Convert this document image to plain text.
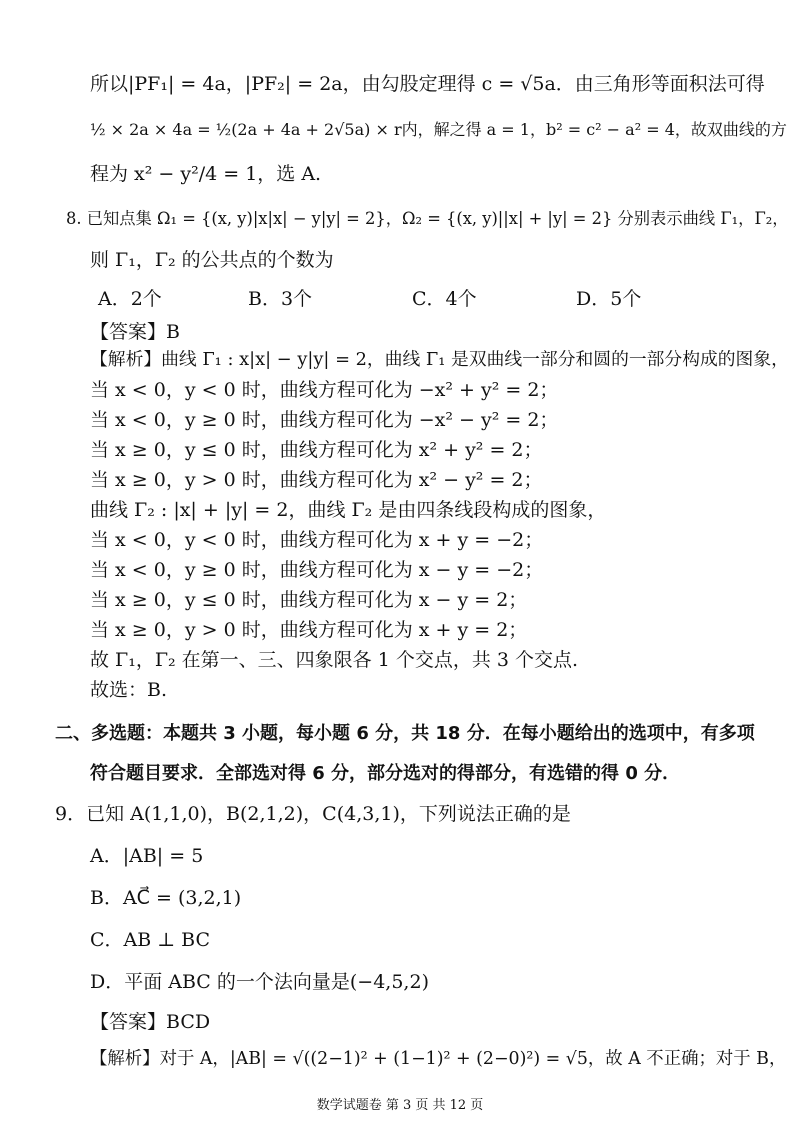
所以|PF₁| = 4a，|PF₂| = 2a，由勾股定理得 c = √5a．由三角形等面积法可得
½ × 2a × 4a = ½(2a + 4a + 2√5a) × r内，解之得 a = 1，b² = c² − a² = 4，故双曲线的方
程为 x² − y²/4 = 1，选 A.
8. 已知点集 Ω₁ = {(x, y)|x|x| − y|y| = 2}，Ω₂ = {(x, y)||x| + |y| = 2} 分别表示曲线 Γ₁，Γ₂，
则 Γ₁，Γ₂ 的公共点的个数为
A．2个	B．3个	C．4个	D．5个
【答案】B
【解析】曲线 Γ₁ : x|x| − y|y| = 2，曲线 Γ₁ 是双曲线一部分和圆的一部分构成的图象，
当 x < 0，y < 0 时，曲线方程可化为 −x² + y² = 2；
当 x < 0，y ≥ 0 时，曲线方程可化为 −x² − y² = 2；
当 x ≥ 0，y ≤ 0 时，曲线方程可化为 x² + y² = 2；
当 x ≥ 0，y > 0 时，曲线方程可化为 x² − y² = 2；
曲线 Γ₂ : |x| + |y| = 2，曲线 Γ₂ 是由四条线段构成的图象，
当 x < 0，y < 0 时，曲线方程可化为 x + y = −2；
当 x < 0，y ≥ 0 时，曲线方程可化为 x − y = −2；
当 x ≥ 0，y ≤ 0 时，曲线方程可化为 x − y = 2；
当 x ≥ 0，y > 0 时，曲线方程可化为 x + y = 2；
故 Γ₁，Γ₂ 在第一、三、四象限各 1 个交点，共 3 个交点.
故选：B.
二、多选题：本题共 3 小题，每小题 6 分，共 18 分．在每小题给出的选项中，有多项
符合题目要求．全部选对得 6 分，部分选对的得部分，有选错的得 0 分．
9．已知 A(1,1,0)，B(2,1,2)，C(4,3,1)，下列说法正确的是
A．|AB| = 5
B．AC⃗ = (3,2,1)
C．AB ⊥ BC
D．平面 ABC 的一个法向量是(−4,5,2)
【答案】BCD
【解析】对于 A，|AB| = √((2−1)² + (1−1)² + (2−0)²) = √5，故 A 不正确；对于 B，
数学试题卷 第 3 页 共 12 页
